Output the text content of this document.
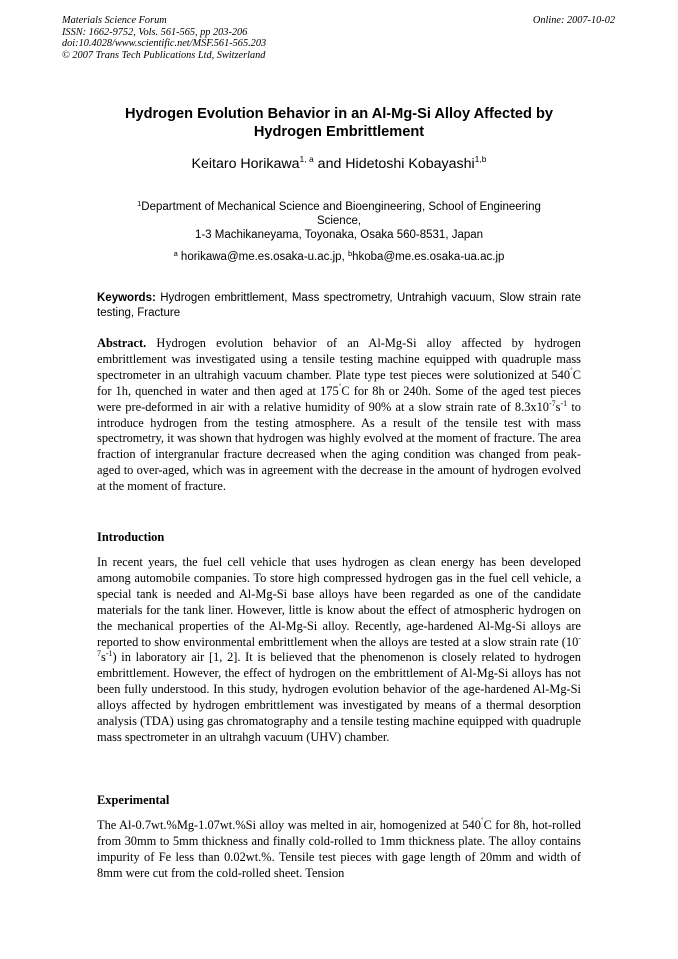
Materials Science Forum
ISSN: 1662-9752, Vols. 561-565, pp 203-206
doi:10.4028/www.scientific.net/MSF.561-565.203
© 2007 Trans Tech Publications Ltd, Switzerland
Online: 2007-10-02
Hydrogen Evolution Behavior in an Al-Mg-Si Alloy Affected by
Hydrogen Embrittlement
Keitaro Horikawa$^{1, a}$ and Hidetoshi Kobayashi$^{1,b}$
$^1$Department of Mechanical Science and Bioengineering, School of Engineering
Science,
1-3 Machikaneyama, Toyonaka, Osaka 560-8531, Japan
$^a$ horikawa@me.es.osaka-u.ac.jp, $^b$hkoba@me.es.osaka-ua.ac.jp
Keywords: Hydrogen embrittlement, Mass spectrometry, Untrahigh vacuum, Slow strain rate testing, Fracture

Abstract. Hydrogen evolution behavior of an Al-Mg-Si alloy affected by hydrogen embrittlement was investigated using a tensile testing machine equipped with quadruple mass spectrometer in an ultrahigh vacuum chamber. Plate type test pieces were solutionized at 540˚C for 1h, quenched in water and then aged at 175˚C for 8h or 240h. Some of the aged test pieces were pre-deformed in air with a relative humidity of 90% at a slow strain rate of $8.3x10^{-7}s^{-1}$ to introduce hydrogen from the testing atmosphere. As a result of the tensile test with mass spectrometry, it was shown that hydrogen was highly evolved at the moment of fracture. The area fraction of intergranular fracture decreased when the aging condition was changed from peak-aged to over-aged, which was in agreement with the decrease in the amount of hydrogen evolved at the moment of fracture.

Introduction

In recent years, the fuel cell vehicle that uses hydrogen as clean energy has been developed among automobile companies. To store high compressed hydrogen gas in the fuel cell vehicle, a special tank is needed and Al-Mg-Si base alloys have been regarded as one of the candidate materials for the tank liner. However, little is know about the effect of atmospheric hydrogen on the mechanical properties of the Al-Mg-Si alloy. Recently, age-hardened Al-Mg-Si alloys are reported to show environmental embrittlement when the alloys are tested at a slow strain rate $(10^{-7}s^{-1})$ in laboratory air [1, 2]. It is believed that the phenomenon is closely related to hydrogen embrittlement. However, the effect of hydrogen on the embrittlement of Al-Mg-Si alloys has not been fully understood. In this study, hydrogen evolution behavior of the age-hardened Al-Mg-Si alloys affected by hydrogen embrittlement was investigated by means of a thermal desorption analysis (TDA) using gas chromatography and a tensile testing machine equipped with quadruple mass spectrometer in an ultrahgh vacuum (UHV) chamber.

Experimental

The Al-0.7wt.%Mg-1.07wt.%Si alloy was melted in air, homogenized at 540˚C for 8h, hot-rolled from 30mm to 5mm thickness and finally cold-rolled to 1mm thickness plate. The alloy contains impurity of Fe less than 0.02wt.%. Tensile test pieces with gage length of 20mm and width of 8mm were cut from the cold-rolled sheet. Tension
